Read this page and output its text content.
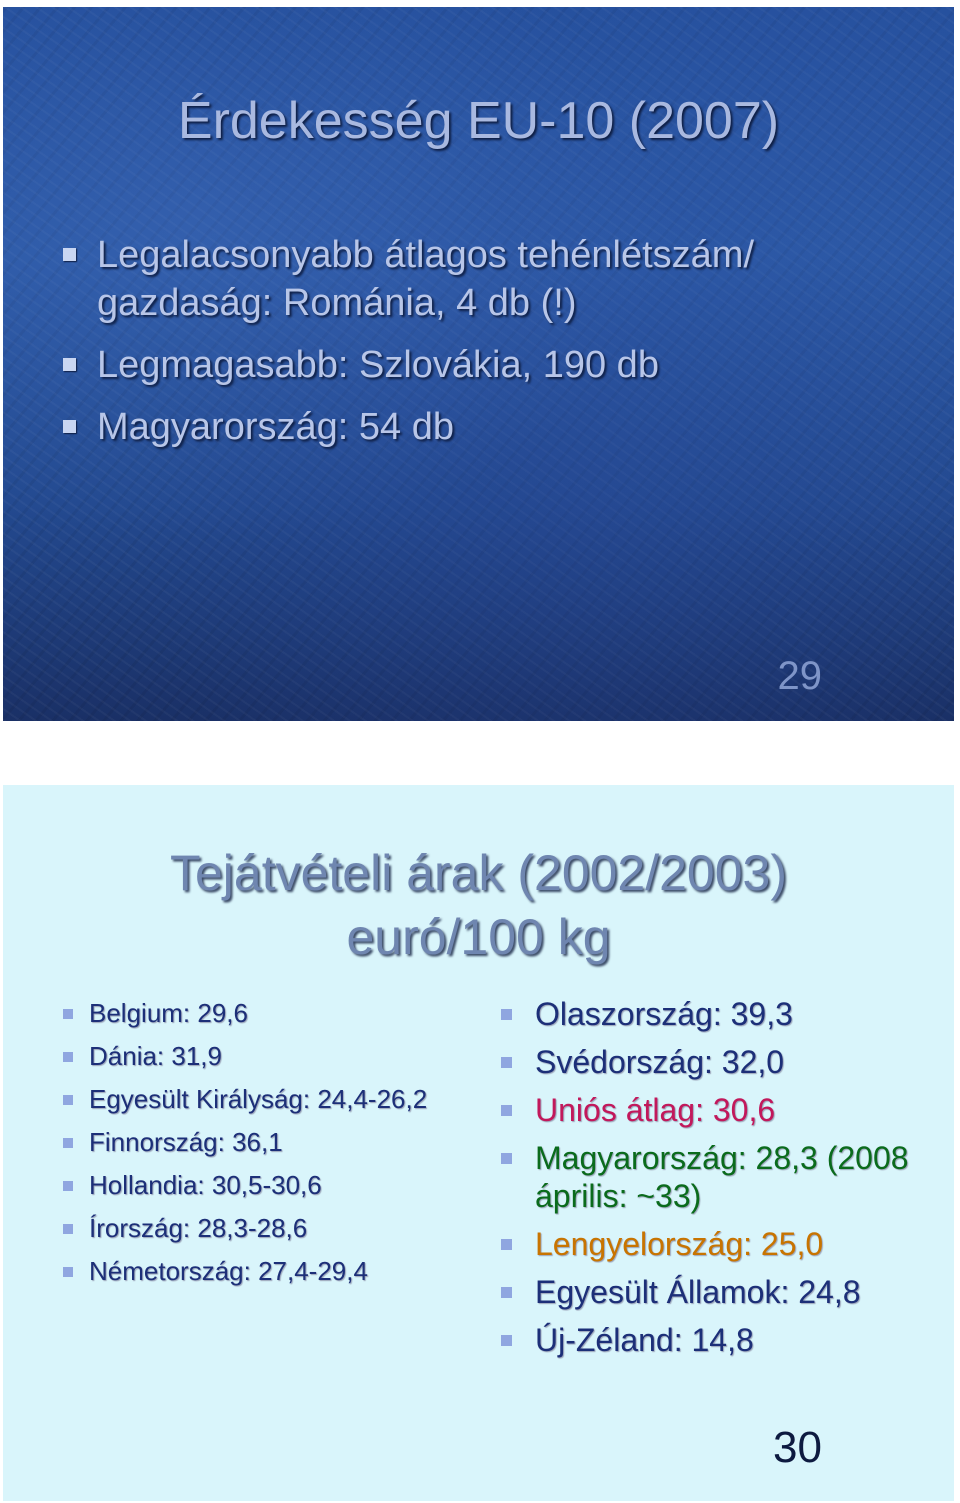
Érdekesség EU-10 (2007)
Legalacsonyabb átlagos tehénlétszám/ gazdaság: Románia, 4 db (!)
Legmagasabb: Szlovákia, 190 db
Magyarország: 54 db
29
Tejátvételi árak (2002/2003)
euró/100 kg
Belgium: 29,6
Dánia: 31,9
Egyesült Királyság: 24,4-26,2
Finnország: 36,1
Hollandia: 30,5-30,6
Írország: 28,3-28,6
Németország: 27,4-29,4
Olaszország: 39,3
Svédország: 32,0
Uniós átlag: 30,6
Magyarország: 28,3 (2008 április: ~33)
Lengyelország: 25,0
Egyesült Államok: 24,8
Új-Zéland: 14,8
30
